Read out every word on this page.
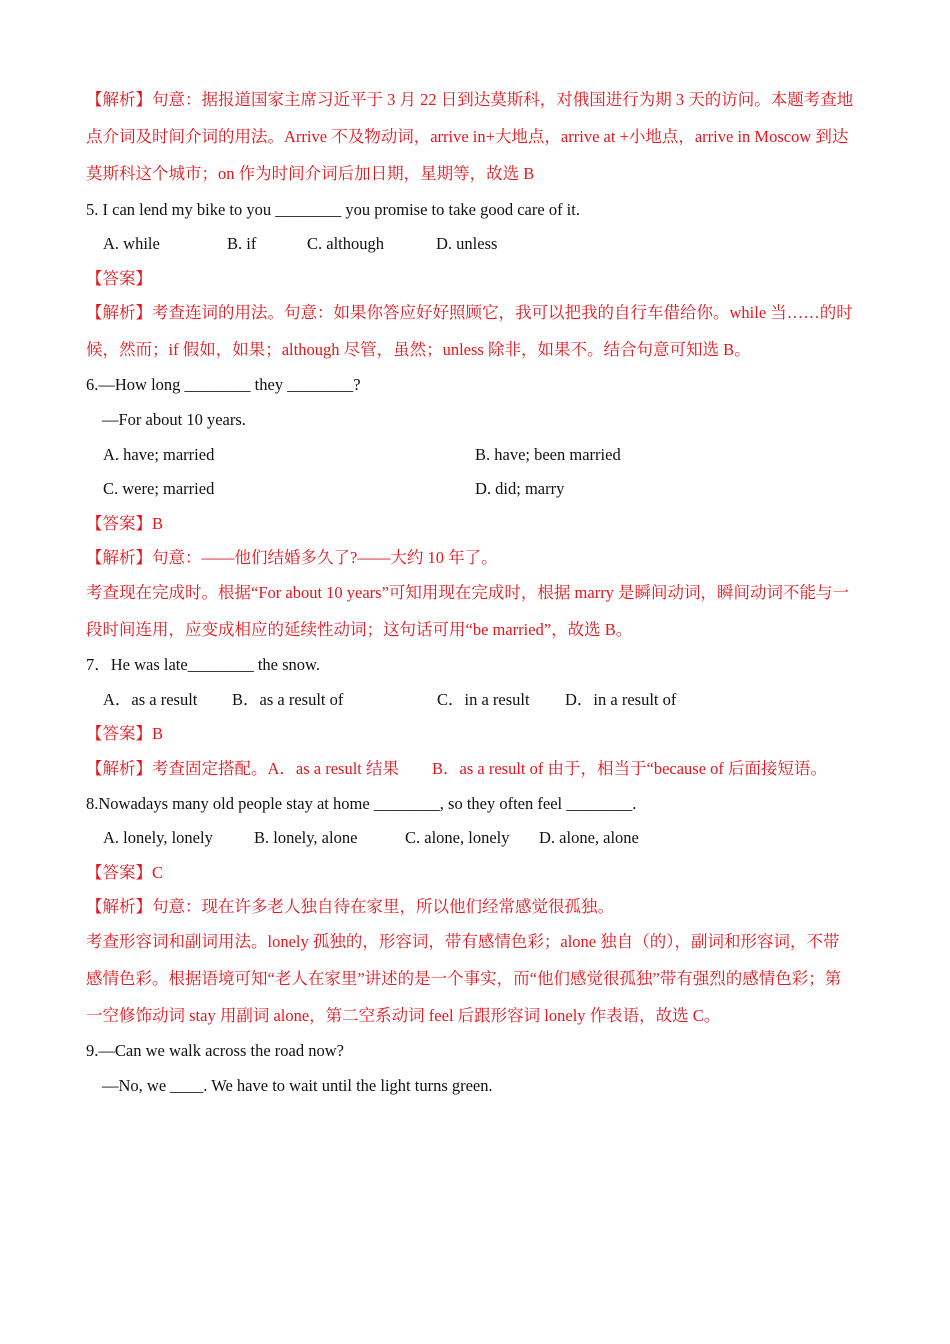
【解析】句意：据报道国家主席习近平于 3 月 22 日到达莫斯科，对俄国进行为期 3 天的访问。本题考查地
点介词及时间介词的用法。Arrive 不及物动词，arrive in+大地点，arrive at +小地点，arrive in Moscow 到达
莫斯科这个城市；on 作为时间介词后加日期，星期等，故选 B
5. I can lend my bike to you ________ you promise to take good care of it.
A. while	B. if	C. although	D. unless
【答案】
【解析】考查连词的用法。句意：如果你答应好好照顾它，我可以把我的自行车借给你。while 当……的时
候，然而；if 假如，如果；although 尽管，虽然；unless 除非，如果不。结合句意可知选 B。
6.—How long ________ they ________?
—For about 10 years.
A. have; married	B. have; been married
C. were; married	D. did; marry
【答案】B
【解析】句意：——他们结婚多久了?——大约 10 年了。
考查现在完成时。根据“For about 10 years”可知用现在完成时，根据 marry 是瞬间动词，瞬间动词不能与一
段时间连用，应变成相应的延续性动词；这句话可用“be married”，故选 B。
7．He was late________ the snow.
A．as a result B．as a result of	C．in a result D．in a result of
【答案】B
【解析】考查固定搭配。A．as a result 结果　　B．as a result of 由于，相当于“because of 后面接短语。
8.Nowadays many old people stay at home ________, so they often feel ________.
A. lonely, lonely B. lonely, alone	C. alone, lonely D. alone, alone
【答案】C
【解析】句意：现在许多老人独自待在家里，所以他们经常感觉很孤独。
考查形容词和副词用法。lonely 孤独的，形容词，带有感情色彩；alone 独自（的），副词和形容词，不带
感情色彩。根据语境可知“老人在家里”讲述的是一个事实，而“他们感觉很孤独”带有强烈的感情色彩；第
一空修饰动词 stay 用副词 alone，第二空系动词 feel 后跟形容词 lonely 作表语，故选 C。
9.—Can we walk across the road now?
—No, we ____. We have to wait until the light turns green.
